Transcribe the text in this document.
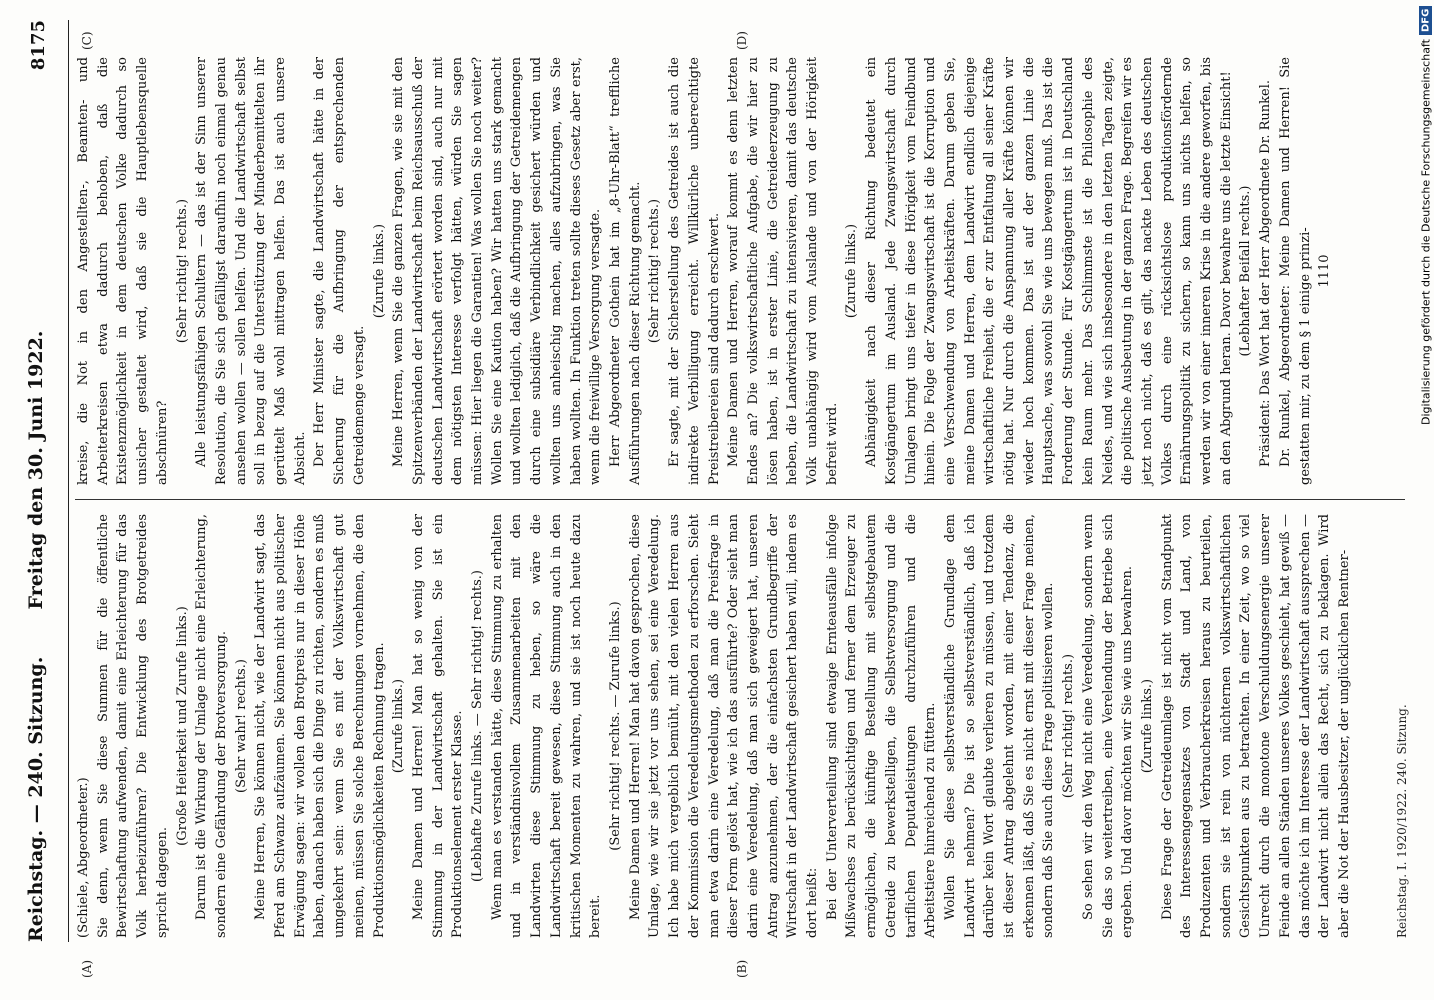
Reichstag. — 240. Sitzung.
Freitag den 30. Juni 1922.
8175
(A)	(B)
(C)	(D)

(Schiele, Abgeordneter.) Sie denn, wenn Sie diese Summen für die öffentliche Bewirtschaftung aufwenden, damit eine Erleichterung für das Volk herbeizuführen? Die Entwicklung des Brotgetreides spricht dagegen.

(Große Heiterkeit und Zurufe links.) Darum ist die Wirkung der Umlage nicht eine Erleichterung, sondern eine Gefährdung der Brotversorgung. (Sehr wahr! rechts.) Meine Herren, Sie können nicht, wie der Landwirt sagt, das Pferd am Schwanz aufzäumen. Sie können nicht aus politischer Erwägung sagen: wir wollen den Brotpreis nur in dieser Höhe haben, danach haben sich die Dinge zu richten, sondern es muß umgekehrt sein: wenn Sie es mit der Volkswirtschaft gut meinen, müssen Sie solche Berechnungen vornehmen, die den Produktionsmöglichkeiten Rechnung tragen. (Zurufe links.) Meine Damen und Herren! Man hat so wenig von der Stimmung in der Landwirtschaft gehalten. Sie ist ein Produktionselement erster Klasse. (Lebhafte Zurufe links. — Sehr richtig! rechts.) Wenn man es verstanden hätte, diese Stimmung zu erhalten und in verständnisvollem Zusammenarbeiten mit den Landwirten diese Stimmung zu heben, so wäre die Landwirtschaft bereit gewesen, diese Stimmung auch in den kritischen Momenten zu wahren, und sie ist noch heute dazu bereit.

(Sehr richtig! rechts. — Zurufe links.) Meine Damen und Herren! Man hat davon gesprochen, diese Umlage, wie wir sie jetzt vor uns sehen, sei eine Veredelung. Ich habe mich vergeblich bemüht, mit den vielen Herren aus der Kommission die Veredelungsmethoden zu erforschen. Sieht man etwa darin eine Veredelung, daß man die Preisfrage in dieser Form gelöst hat, wie ich das ausführte? Oder sieht man darin eine Veredelung, daß man sich geweigert hat, unseren Antrag anzunehmen, der die einfachsten Grundbegriffe der Wirtschaft in der Landwirtschaft gesichert haben will, indem es dort heißt: Bei der Unterverteilung sind etwaige Ernteausfälle infolge Mißwachses zu berücksichtigen und ferner dem Erzeuger zu ermöglichen, die künftige Bestellung mit selbstgebautem Getreide zu bewerkstelligen, die Selbstversorgung und die tariflichen Deputatleistungen durchzuführen und die Arbeitstiere hinreichend zu füttern. Wollen Sie diese selbstverständliche Grundlage dem Landwirt nehmen? Die ist so selbstverständlich, daß ich darüber kein Wort glaubte verlieren zu müssen, und trotzdem ist dieser Antrag abgelehnt worden, mit einer Tendenz, die erkennen läßt, daß Sie es nicht ernst mit dieser Frage meinen, sondern daß Sie auch diese Frage politisieren wollen. (Sehr richtig! rechts.) So sehen wir den Weg nicht eine Veredelung, sondern wenn Sie das so weitertreiben, eine Verelendung der Betriebe sich ergeben. Und davor möchten wir Sie wie uns bewahren. (Zurufe links.) Diese Frage der Getreideumlage ist nicht vom Standpunkt des Interessengegensatzes von Stadt und Land, von Produzenten und Verbraucherkreisen heraus zu beurteilen, sondern sie ist rein von nüchternen volkswirtschaftlichen Gesichtspunkten aus zu betrachten. In einer Zeit, wo so viel Unrecht durch die monotone Verschuldungsenergie unserer Feinde an allen Ständen unseres Volkes geschieht, hat gewiß — das möchte ich im Interesse der Landwirtschaft aussprechen — der Landwirt nicht allein das Recht, sich zu beklagen. Wird aber die Not der Hausbesitzer, der unglücklichen Rentner-

kreise, die Not in den Angestellten-, Beamten- und Arbeiterkreisen etwa dadurch behoben, daß die Existenzmöglichkeit in dem deutschen Volke dadurch so unsicher gestaltet wird, daß sie die Hauptlebensquelle abschnüren?

(Sehr richtig! rechts.) Alle leistungsfähigen Schultern — das ist der Sinn unserer Resolution, die Sie sich gefälligst daraufhin noch einmal genau ansehen wollen — sollen helfen. Und die Landwirtschaft selbst soll in bezug auf die Unterstützung der Minderbemittelten ihr gerüttelt Maß wohl mittragen helfen. Das ist auch unsere Absicht. Der Herr Minister sagte, die Landwirtschaft hätte in der Sicherung für die Aufbringung der entsprechenden Getreidemenge versagt.

(Zurufe links.) Meine Herren, wenn Sie die ganzen Fragen, wie sie mit den Spitzenverbänden der Landwirtschaft beim Reichsausschuß der deutschen Landwirtschaft erörtert worden sind, auch nur mit dem nötigsten Interesse verfolgt hätten, würden Sie sagen müssen: Hier liegen die Garantien! Was wollen Sie noch weiter? Wollen Sie eine Kaution haben? Wir hatten uns stark gemacht und wollten lediglich, daß die Aufbringung der Getreidemengen durch eine subsidiäre Verbindlichkeit gesichert würden und wollten uns anheischig machen, alles aufzubringen, was Sie haben wollten. In Funktion treten sollte dieses Gesetz aber erst, wenn die freiwillige Versorgung versagte. Herr Abgeordneter Gothein hat im „8-Uhr-Blatt“ treffliche Ausführungen nach dieser Richtung gemacht. (Sehr richtig! rechts.) Er sagte, mit der Sicherstellung des Getreides ist auch die indirekte Verbilligung erreicht. Willkürliche unberechtigte Preistreibereien sind dadurch erschwert. Meine Damen und Herren, worauf kommt es denn letzten Endes an? Die volkswirtschaftliche Aufgabe, die wir hier zu lösen haben, ist in erster Linie, die Getreideerzeugung zu heben, die Landwirtschaft zu intensivieren, damit das deutsche Volk unabhängig wird vom Auslande und von der Hörigkeit befreit wird.

(Zurufe links.) Abhängigkeit nach dieser Richtung bedeutet ein Kostgängertum im Ausland. Jede Zwangswirtschaft durch Umlagen bringt uns tiefer in diese Hörigkeit vom Feindbund hinein. Die Folge der Zwangswirtschaft ist die Korruption und eine Verschwendung von Arbeitskräften. Darum geben Sie, meine Damen und Herren, dem Landwirt endlich diejenige wirtschaftliche Freiheit, die er zur Entfaltung all seiner Kräfte nötig hat. Nur durch die Anspannung aller Kräfte können wir wieder hoch kommen. Das ist auf der ganzen Linie die Hauptsache, was sowohl Sie wie uns bewegen muß. Das ist die Forderung der Stunde. Für Kostgängertum ist in Deutschland kein Raum mehr. Das Schlimmste ist die Philosophie des Neides, und wie sich insbesondere in den letzten Tagen zeigte, die politische Ausbeutung in der ganzen Frage. Begreifen wir es jetzt noch nicht, daß es gilt, das nackte Leben des deutschen Volkes durch eine rücksichtslose produktionsfördernde Ernährungspolitik zu sichern, so kann uns nichts helfen, so werden wir von einer inneren Krise in die andere geworfen, bis an den Abgrund heran. Davor bewahre uns die letzte Einsicht! (Lebhafter Beifall rechts.) Präsident: Das Wort hat der Herr Abgeordnete Dr. Runkel. Dr. Runkel, Abgeordneter: Meine Damen und Herren! Sie gestatten mir, zu dem § 1 einige prinzi- 1110

Reichstag. I. 1920/1922. 240. Sitzung.
Digitalisierung gefördert durch die Deutsche Forschungsgemeinschaft
DFG
